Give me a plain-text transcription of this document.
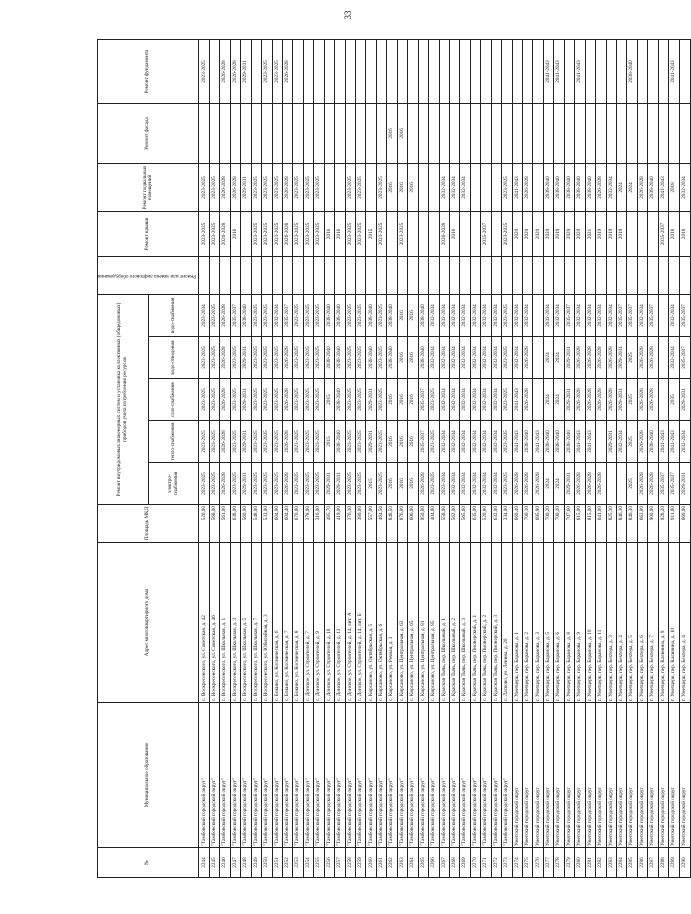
33
№	Муниципальное образование	Адрес многоквартирного дома	Площадь МКД	Ремонт внутридомовых инженерных систем и установка коллективных (общедомовых) приборов учета потребления ресурсов					Ремонт или замена лифтового оборудования	Ремонт крыши	Ремонт подвальных помещений	Ремонт фасада	Ремонт фундамента
				электро-снабжения	тепло-снабжения	газо-снабжения	водо-отведения	водо-снабжения					
2244	"Тамбовский городской округ"	с. Воскресенского, ул. Советская, д. 42	520,00	2023-2025	2023-2025	2023-2025	2023-2025	2023-2034		2023-2025	2023-2025		2023-2025
2245	"Тамбовский городской округ"	с. Воскресенского, ул. Советская, д. 46	568,00	2023-2025	2023-2025	2023-2025	2023-2025	2023-2025		2023-2025	2023-2025		
2246	"Тамбовский городской округ"	с. Воскресенского, ул. Школьная, д. 1	561,00	2026-2028	2026-2028	2026-2028	2026-2028	2026-2028		2026-2028	2026-2028		2026-2028
2247	"Тамбовский городской округ"	с. Воскресенского, ул. Школьная, д. 3	638,00	2023-2025	2023-2025	2023-2025	2023-2025	2035-2037		2016	2026-2028		2026-2028
2248	"Тамбовский городской округ"	с. Воскресенского, ул. Школьная, д. 5	560,00	2029-2031	2029-2031	2029-2031	2029-2031	2038-2040			2029-2031		2029-2031
2249	"Тамбовский городской округ"	с. Воскресенского, ул. Школьная, д. 7	548,00	2023-2025	2023-2025	2023-2025	2023-2025	2023-2025		2023-2025	2023-2025		
2250	"Тамбовский городской округ"	с. Воскресенского, ул. Юбилейная, д. 3	533,00	2023-2025	2023-2025	2023-2025	2023-2025	2023-2025		2023-2025	2023-2025		2023-2025
2251	"Тамбовский городской округ"	с. Бокино, ул. Космическая, д. 6	604,00	2023-2025	2023-2025	2023-2025	2023-2025	2032-2034		2023-2025	2023-2025		2023-2025
2252	"Тамбовский городской округ"	с. Бокино, ул. Космическая, д. 7	604,40	2026-2028	2026-2028	2026-2028	2026-2028	2035-2037		2026-2028	2026-2028		2026-2028
2253	"Тамбовский городской округ"	с. Бокино, ул. Космическая, д. 8	670,00	2023-2025	2023-2025	2023-2025	2023-2025	2023-2025		2023-2025	2023-2025		
2254	"Тамбовский городской округ"	с. Донское, ул. Строителей, д. 7	378,00	2023-2025	2023-2025	2023-2025	2023-2025	2023-2025		2023-2025	2023-2025		
2255	"Тамбовский городской округ"	с. Донское, ул. Строителей, д. 9	316,00	2023-2025	2023-2025	2023-2025	2023-2025	2023-2025		2023-2025	2023-2025		
2256	"Тамбовский городской округ"	с. Донское, ул. Строителей, д. 10	485,70	2029-2031	2015	2015	2038-2040	2038-2040		2016			
2257	"Тамбовский городской округ"	с. Донское, ул. Строителей, д. 13	419,00	2029-2031	2038-2040	2038-2040	2038-2040	2038-2040		2016			
2258	"Тамбовский городской округ"	с. Донское, ул. Строителей, д. 14, лит. А	376,30	2023-2025	2023-2025	2023-2025	2023-2025	2023-2025		2023-2025	2023-2025		
2259	"Тамбовский городской округ"	с. Донское, ул. Строителей, д. 14, лит. Б	380,00	2023-2025	2023-2025	2023-2025	2023-2025	2023-2025		2023-2025	2023-2025		
2260	"Тамбовский городской округ"	с. Кирсаново, ул. Октябрьская, д. 5	557,00	2015	2029-2031	2029-2031	2038-2040	2038-2040		2015			
2261	"Тамбовский городской округ"	с. Кирсаново, ул. Октябрьская, д. 6	464,56	2023-2025	2023-2025	2023-2025	2023-2025	2023-2025		2023-2025	2023-2025		
2262	"Тамбовский городской округ"	с. Кирсаново, ул. Речная, д. 3	848,50	2016	2016	2016	2038-2040	2038-2040			2016	2016	
2263	"Тамбовский городской округ"	с. Кирсаново, ул. Центральная, д. 63	876,00	2016	2016	2016	2016	2016		2023-2025	2016	2016	
2264	"Тамбовский городской округ"	с. Кирсаново, ул. Центральная, д. 65	606,00	2016	2016	2016	2016	2016			2016		
2265	"Тамбовский городской округ"	с. Кирсаново, ул. Центральная, д. 81	950,00	2026-2028	2035-2037	2035-2037	2038-2040	2038-2040					
2266	"Тамбовский городской округ"	с. Кирсаново, ул. Центральная, д. 85	404,00	2023-2025	2023-2025	2023-2025	2032-2034	2032-2034					
2267	"Тамбовский городской округ"	с. Красная Тычь, пер. Школьный, д. 1	558,00	2023-2034	2032-2034	2032-2034	2032-2034	2032-2034		2026-2028	2032-2034		
2268	"Тамбовский городской округ"	с. Красная Тычь, пер. Школьный, д. 2	562,00	2032-2034	2032-2034	2032-2034	2032-2034	2032-2034		2016	2032-2034		
2269	"Тамбовский городской округ"	с. Красная Тычь, пер. Школьный, д. 3	565,60	2032-2034	2032-2034	2032-2034	2032-2034	2032-2034			2032-2034		
2270	"Тамбовский городской округ"	с. Красная Тычь, пер. Пионерский, д. 1	635,00	2032-2034	2032-2034	2032-2034	2032-2034	2032-2034					
2271	"Тамбовский городской округ"	с. Красная Тычь, пер. Пионерский, д. 2	520,80	2032-2034	2032-2034	2032-2034	2032-2034	2032-2034		2035-2037			
2272	"Тамбовский городской округ"	с. Красная Тычь, пер. Пионерский, д. 3	632,00	2032-2034	2032-2034	2032-2034	2032-2034	2032-2034					
2273	"Тамбовский городской округ"	с. Ласково, ул. Ленина, д. 20	334,00	2023-2025	2023-2025	2023-2025	2023-2025	2023-2025		2023-2025	2023-2025		
2274	Уметский городской округ	г. Уметцерк, пер. Баранова, д. 1	660,40	2026-2028	2041-2043	2041-2043	2032-2034	2032-2034		2020	2041-2043		
2275	Уметский городской округ	г. Уметцерк, пер. Баранова, д. 2	700,10	2026-2028	2038-2040	2026-2028	2026-2028	2032-2034		2020	2026-2028		
2276	Уметский городской округ	г. Уметцерк, пер. Баранова, д. 3	695,90	2026-2028	2041-2043					2020			
2277	Уметский городской округ	г. Уметцерк, пер. Баранова, д. 5	700,20	2024	2038-2040	2024	2024	2032-2034		2020	2038-2040		2041-2043
2278	Уметский городской округ	г. Уметцерк, пер. Баранова, д. 6	700,20	2024	2038-2040	2024	2024	2032-2034		2019	2038-2040		2041-2043
2279	Уметский городской округ	г. Уметцерк, пер. Баранова, д. 8	707,60	2029-2031	2038-2040	2029-2031	2029-2031	2035-2037		2020	2038-2040		
2280	Уметский городской округ	г. Уметцерк, пер. Баранова, д. 9	815,00	2026-2028	2041-2043	2026-2028	2026-2028	2032-2034		2020	2038-2040		2041-2043
2281	Уметский городской округ	г. Уметцерк, пер. Баранова, д. 10	815,00	2026-2028	2041-2043	2026-2028	2026-2028	2032-2034		2021	2038-2040		
2282	Уметский городской округ	г. Уметцерк, пер. Баранова, д. 11	641,00	2026-2028		2026-2028	2026-2028	2032-2034		2019	2026-2028		
2283	Уметский городской округ	г. Уметцерк, пер. Бехтера, д. 3	825,30		2029-2031	2026-2028	2026-2028	2032-2034		2019	2032-2034		
2284	Уметский городской округ	г. Уметцерк, пер. Бехтера, д. 4	846,30		2032-2034	2029-2031	2029-2031	2035-2037		2019	2024		
2285	Уметский городской округ	г. Уметцерк, пер. Бехтера, д. 5	846,30	2025	2025	2025	2025	2035-2037			2024		2038-2040
2286	Уметский городской округ	г. Уметцерк, пер. Бехтера, д. 6	663,00	2026-2028	2026-2028	2026-2028	2026-2028	2032-2034			2026-2028		
2287	Уметский городской округ	г. Уметцерк, пер. Бехтера, д. 7	900,00	2026-2028	2038-2040	2026-2028	2026-2028	2035-2037			2038-2040		
2288	Уметский городской округ	г. Уметцерк, пер. Калинина, д. 9	928,20	2035-2037	2041-2043					2035-2037	2041-2043		
2289	Уметский городской округ	г. Уметцерк, пер. Калинина, д. 10	911,00	2035-2037	2041-2043	2035	2032-2034	2032-2034		2018	2018		2041-2043
2290	Уметский городской округ	г. Уметцерк, пер. Бехтера, д. 4	660,00	2029-2031	2032-2034	2029-2031	2035-2037	2035-2037		2018	2032-2034		
